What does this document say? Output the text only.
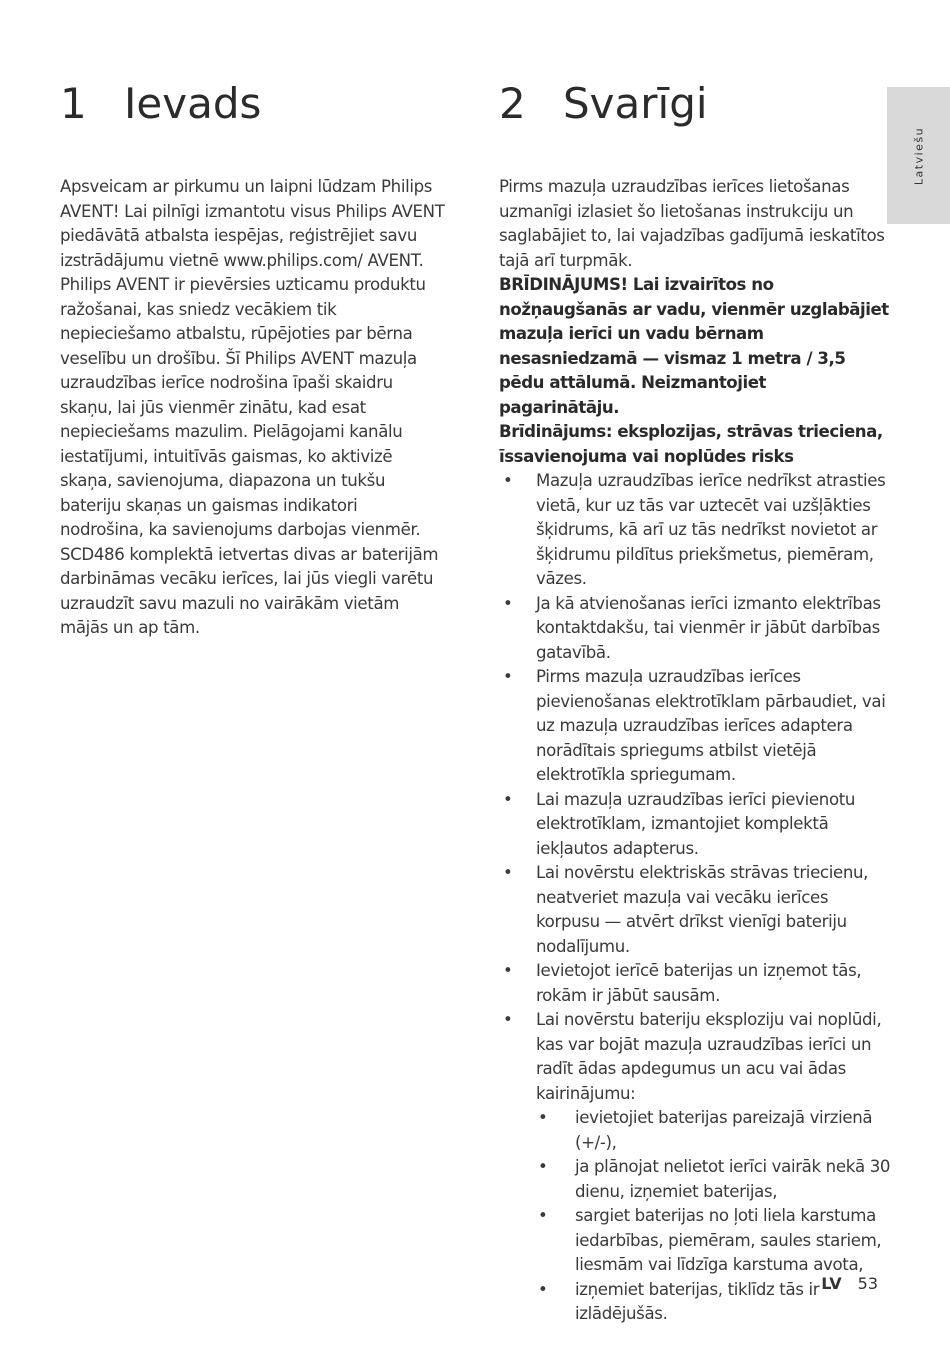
1 Ievads	2 Svarīgi

Apsveicam ar pirkumu un laipni lūdzam Philips AVENT! Lai pilnīgi izmantotu visus Philips AVENT piedāvātā atbalsta iespējas, reģistrējiet savu izstrādājumu vietnē www.philips.com/ AVENT.

Philips AVENT ir pievērsies uzticamu produktu ražošanai, kas sniedz vecākiem tik nepieciešamo atbalstu, rūpējoties par bērna veselību un drošību. Šī Philips AVENT mazuļa uzraudzības ierīce nodrošina īpaši skaidru skaņu, lai jūs vienmēr zinātu, kad esat nepieciešams mazulim. Pielāgojami kanālu iestatījumi, intuitīvās gaismas, ko aktivizē skaņa, savienojuma, diapazona un tukšu bateriju skaņas un gaismas indikatori nodrošina, ka savienojums darbojas vienmēr. SCD486 komplektā ietvertas divas ar baterijām darbināmas vecāku ierīces, lai jūs viegli varētu uzraudzīt savu mazuli no vairākām vietām mājās un ap tām.

Pirms mazuļa uzraudzības ierīces lietošanas uzmanīgi izlasiet šo lietošanas instrukciju un saglabājiet to, lai vajadzības gadījumā ieskatītos tajā arī turpmāk.

BRĪDINĀJUMS! Lai izvairītos no nožņaugšanās ar vadu, vienmēr uzglabājiet mazuļa ierīci un vadu bērnam nesasniedzamā — vismaz 1 metra / 3,5 pēdu attālumā. Neizmantojiet pagarinātāju.

Brīdinājums: eksplozijas, strāvas trieciena, īssavienojuma vai noplūdes risks

• Mazuļa uzraudzības ierīce nedrīkst atrasties vietā, kur uz tās var uztecēt vai uzšļākties šķidrums, kā arī uz tās nedrīkst novietot ar šķidrumu pildītus priekšmetus, piemēram, vāzes.
• Ja kā atvienošanas ierīci izmanto elektrības kontaktdakšu, tai vienmēr ir jābūt darbības gatavībā.
• Pirms mazuļa uzraudzības ierīces pievienošanas elektrotīklam pārbaudiet, vai uz mazuļa uzraudzības ierīces adaptera norādītais spriegums atbilst vietējā elektrotīkla spriegumam.
• Lai mazuļa uzraudzības ierīci pievienotu elektrotīklam, izmantojiet komplektā iekļautos adapterus.
• Lai novērstu elektriskās strāvas triecienu, neatveriet mazuļa vai vecāku ierīces korpusu — atvērt drīkst vienīgi bateriju nodalījumu.
• Ievietojot ierīcē baterijas un izņemot tās, rokām ir jābūt sausām.
• Lai novērstu bateriju eksploziju vai noplūdi, kas var bojāt mazuļa uzraudzības ierīci un radīt ādas apdegumus un acu vai ādas kairinājumu:
• ievietojiet baterijas pareizajā virzienā (+/-),
• ja plānojat nelietot ierīci vairāk nekā 30 dienu, izņemiet baterijas,
• sargiet baterijas no ļoti liela karstuma iedarbības, piemēram, saules stariem, liesmām vai līdzīga karstuma avota,
• izņemiet baterijas, tiklīdz tās ir izlādējušās.
Latviešu
LV 53
